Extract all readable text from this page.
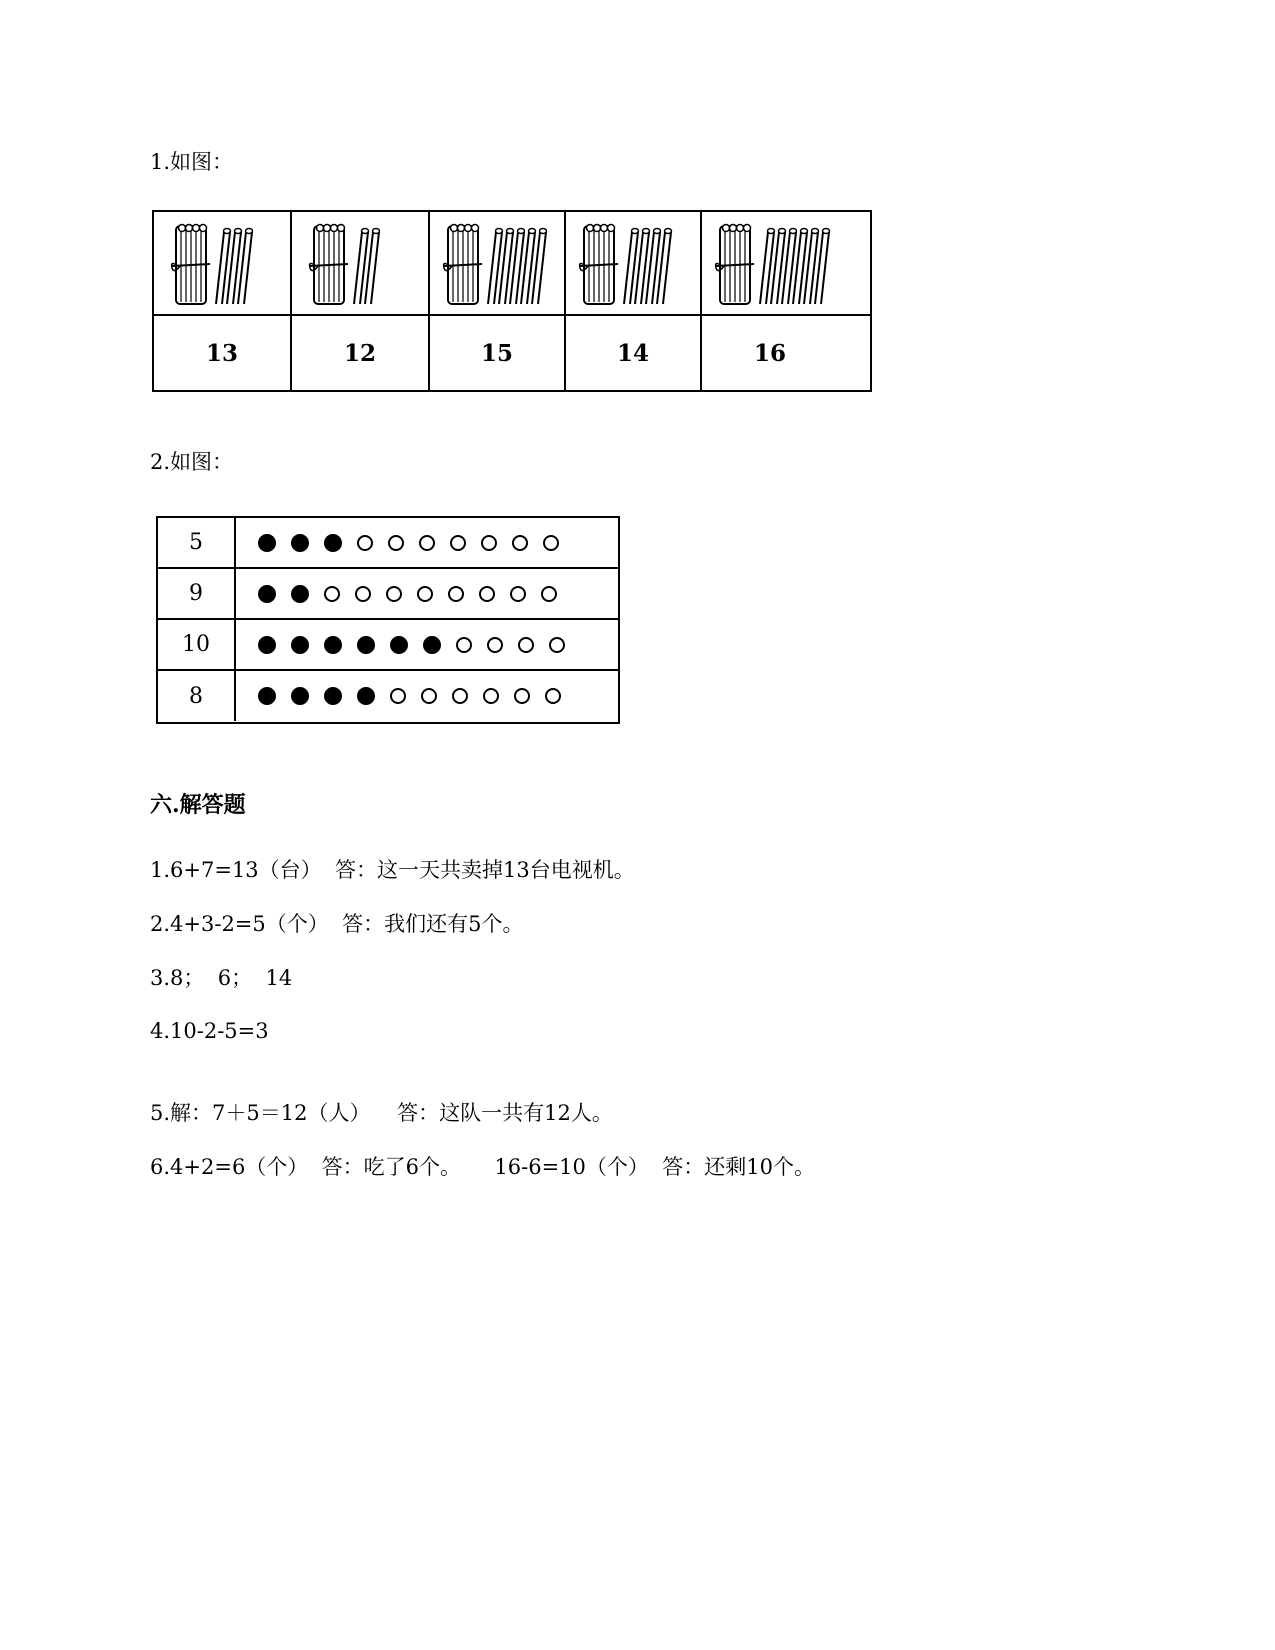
1.如图：
13	12	15	14	16
2.如图：
5
9
10
8
六.解答题
1.6+7=13（台）  答：这一天共卖掉13台电视机。
2.4+3-2=5（个）  答：我们还有5个。
3.8；  6；  14
4.10-2-5=3
5.解：7＋5＝12（人）    答：这队一共有12人。
6.4+2=6（个）  答：吃了6个。     16-6=10（个）  答：还剩10个。
